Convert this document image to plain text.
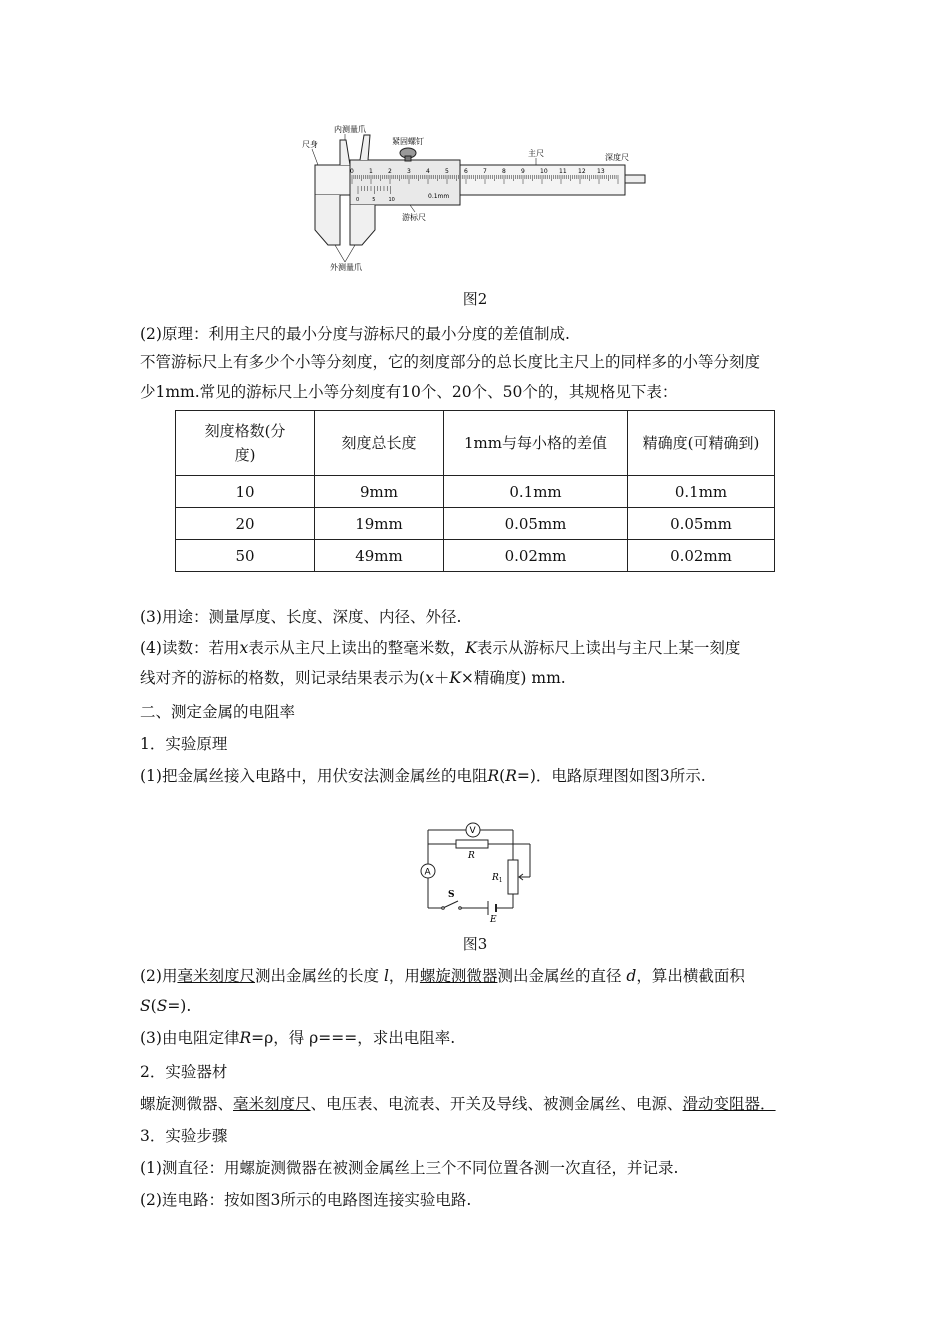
0	1	2	3	4	5	6	7	8	9	10 11 12 13
0	5	10
内测量爪
尺身	紧固螺钉
主尺	深度尺
游标尺
外测量爪
0.1mm
图2
(2)原理：利用主尺的最小分度与游标尺的最小分度的差值制成.
不管游标尺上有多少个小等分刻度，它的刻度部分的总长度比主尺上的同样多的小等分刻度
少1mm.常见的游标尺上小等分刻度有10个、20个、50个的，其规格见下表：
刻度格数(分
度)	刻度总长度	1mm与每小格的差值	精确度(可精确到)
10	9mm	0.1mm	0.1mm
20	19mm	0.05mm	0.05mm
50	49mm	0.02mm	0.02mm
(3)用途：测量厚度、长度、深度、内径、外径.
(4)读数：若用x表示从主尺上读出的整毫米数，K表示从游标尺上读出与主尺上某一刻度
线对齐的游标的格数，则记录结果表示为(x＋K×精确度) mm.
二、测定金属的电阻率
1．实验原理
(1)把金属丝接入电路中，用伏安法测金属丝的电阻R(R=)．电路原理图如图3所示.
V
R
A
$R_1$
S
E
图3
(2)用毫米刻度尺测出金属丝的长度 l，用螺旋测微器测出金属丝的直径 d，算出横截面积
S(S=).
(3)由电阻定律R=ρ，得 ρ===，求出电阻率.
2．实验器材
螺旋测微器、毫米刻度尺、电压表、电流表、开关及导线、被测金属丝、电源、滑动变阻器．
3．实验步骤
(1)测直径：用螺旋测微器在被测金属丝上三个不同位置各测一次直径，并记录.
(2)连电路：按如图3所示的电路图连接实验电路.
